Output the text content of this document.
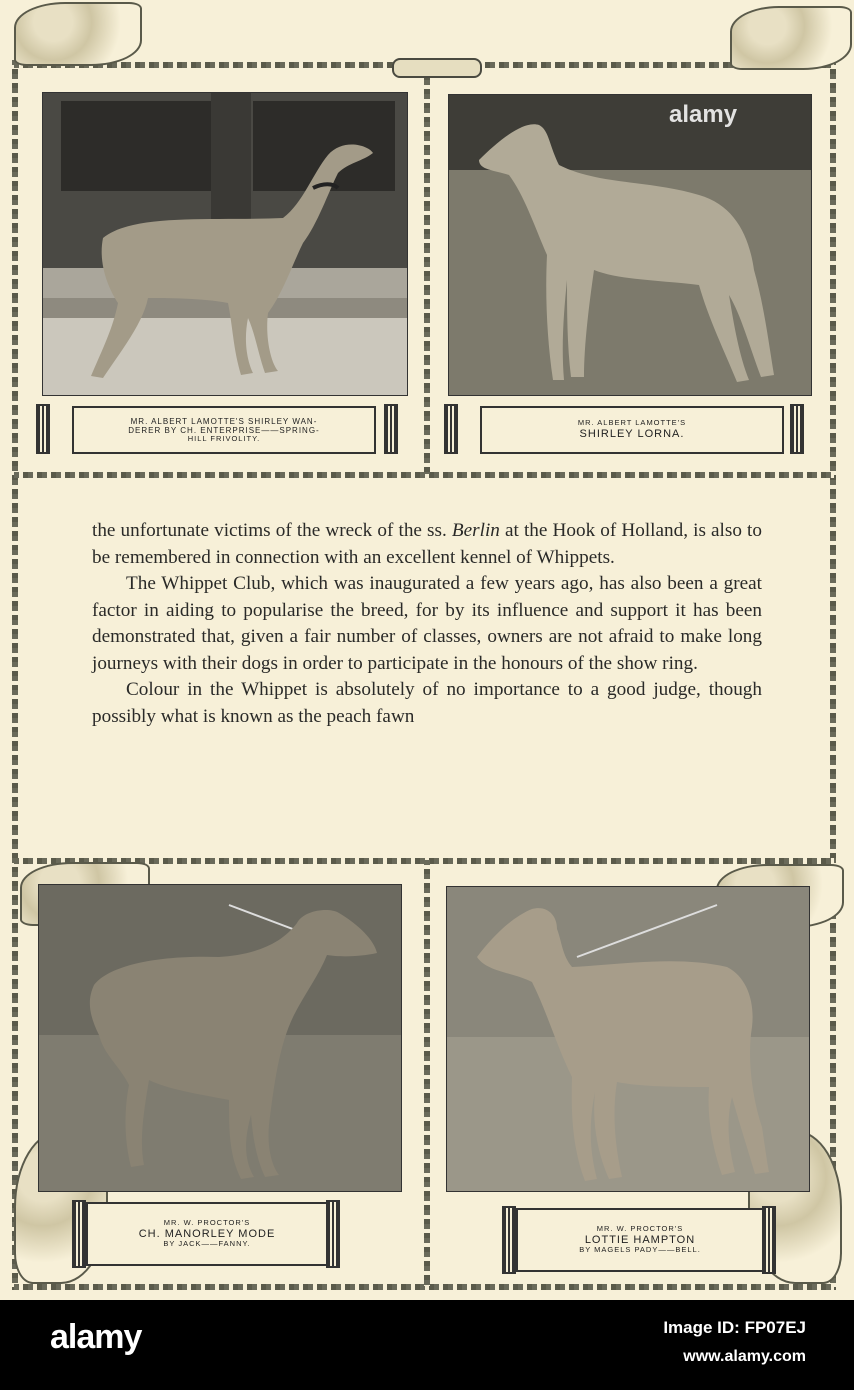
alamy
MR. ALBERT LAMOTTE'S SHIRLEY WAN-
DERER BY CH. ENTERPRISE——SPRING-
HILL FRIVOLITY.
MR. ALBERT LAMOTTE'S
SHIRLEY LORNA.

the unfortunate victims of the wreck of the ss. Berlin at the Hook of Holland, is also to be remembered in connection with an excellent kennel of Whippets.

The Whippet Club, which was inaugurated a few years ago, has also been a great factor in aiding to popularise the breed, for by its influence and support it has been demonstrated that, given a fair number of classes, owners are not afraid to make long journeys with their dogs in order to participate in the honours of the show ring.

Colour in the Whippet is absolutely of no importance to a good judge, though possibly what is known as the peach fawn

MR. W. PROCTOR'S
CH. MANORLEY MODE
BY JACK——FANNY.
MR. W. PROCTOR'S
LOTTIE HAMPTON
BY MAGELS PADY——BELL.
alamy	Image ID: FP07EJ
www.alamy.com
